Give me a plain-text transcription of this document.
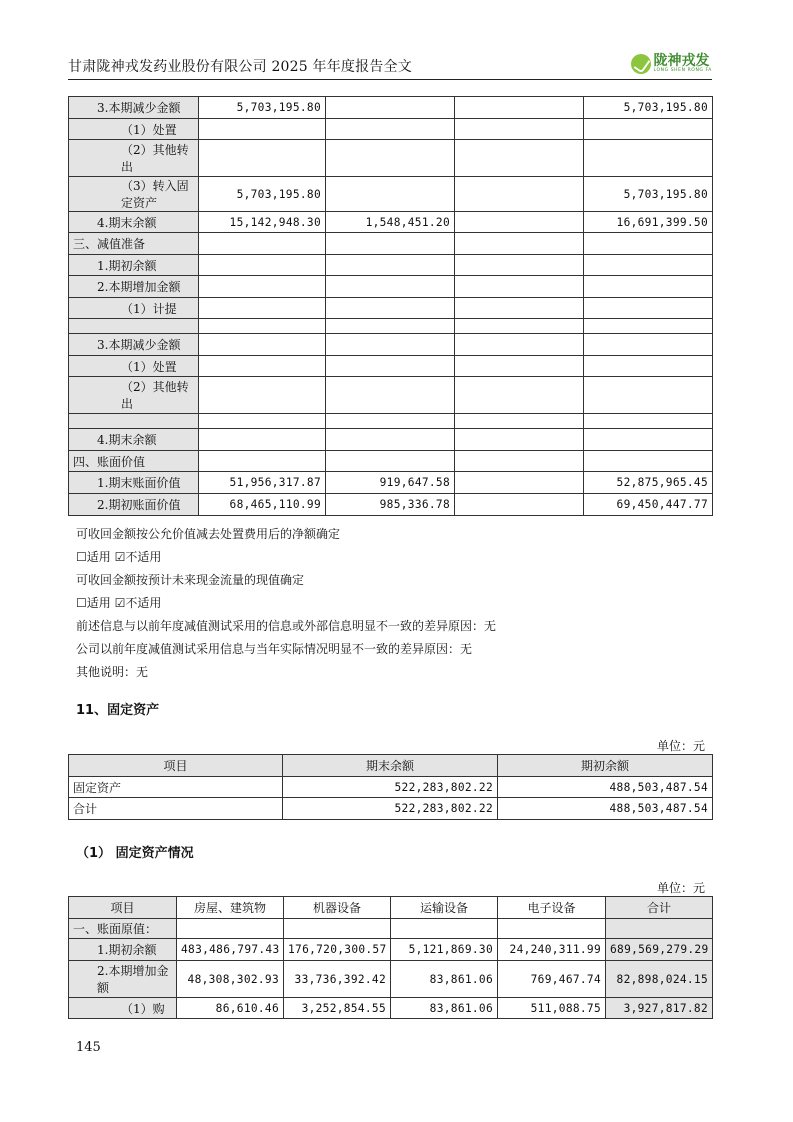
甘肃陇神戎发药业股份有限公司 2025 年年度报告全文	陇神戎发
LONG SHEN RONG FA
3.本期减少金额	5,703,195.80			5,703,195.80
（1）处置				
（2）其他转出				
（3）转入固定资产	5,703,195.80			5,703,195.80
4.期末余额	15,142,948.30	1,548,451.20		16,691,399.50
三、减值准备				
1.期初余额				
2.本期增加金额				
（1）计提				

3.本期减少金额				
（1）处置				
（2）其他转出				

4.期末余额				
四、账面价值				
1.期末账面价值	51,956,317.87	919,647.58		52,875,965.45
2.期初账面价值	68,465,110.99	985,336.78		69,450,447.77
可收回金额按公允价值减去处置费用后的净额确定
☐适用 ☑不适用
可收回金额按预计未来现金流量的现值确定
☐适用 ☑不适用
前述信息与以前年度减值测试采用的信息或外部信息明显不一致的差异原因：无
公司以前年度减值测试采用信息与当年实际情况明显不一致的差异原因：无
其他说明：无
11、固定资产
单位：元
项目	期末余额	期初余额
固定资产	522,283,802.22	488,503,487.54
合计	522,283,802.22	488,503,487.54
（1） 固定资产情况
单位：元
项目	房屋、建筑物	机器设备	运输设备	电子设备	合计
一、账面原值：					
1.期初余额	483,486,797.43	176,720,300.57	5,121,869.30	24,240,311.99	689,569,279.29
2.本期增加金额	48,308,302.93	33,736,392.42	83,861.06	769,467.74	82,898,024.15
（1）购	86,610.46	3,252,854.55	83,861.06	511,088.75	3,927,817.82
145
